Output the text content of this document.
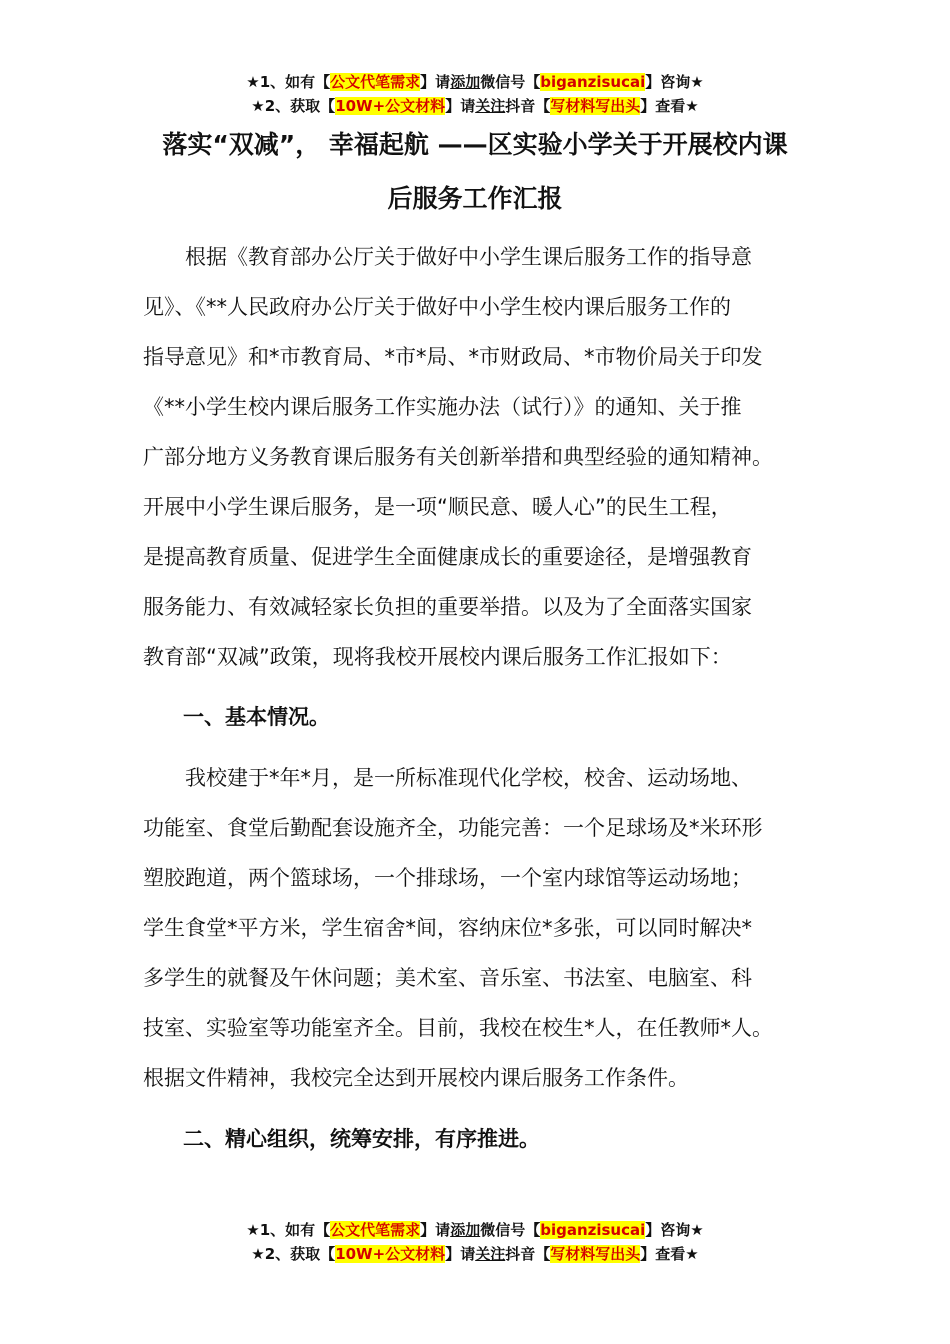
★1、如有【公文代笔需求】请添加微信号【biganzisucai】咨询★
★2、获取【10W+公文材料】请关注抖音【写材料写出头】查看★
落实“双减”， 幸福起航 ——区实验小学关于开展校内课
后服务工作汇报
　　根据《教育部办公厅关于做好中小学生课后服务工作的指导意
见》、《**人民政府办公厅关于做好中小学生校内课后服务工作的
指导意见》和*市教育局、*市*局、*市财政局、*市物价局关于印发
《**小学生校内课后服务工作实施办法（试行）》的通知、关于推
广部分地方义务教育课后服务有关创新举措和典型经验的通知精神。
开展中小学生课后服务，是一项“顺民意、暖人心”的民生工程，
是提高教育质量、促进学生全面健康成长的重要途径，是增强教育
服务能力、有效减轻家长负担的重要举措。以及为了全面落实国家
教育部“双减”政策，现将我校开展校内课后服务工作汇报如下：
一、基本情况。
　　我校建于*年*月，是一所标准现代化学校，校舍、运动场地、
功能室、食堂后勤配套设施齐全，功能完善：一个足球场及*米环形
塑胶跑道，两个篮球场，一个排球场，一个室内球馆等运动场地；
学生食堂*平方米，学生宿舍*间，容纳床位*多张，可以同时解决*
多学生的就餐及午休问题；美术室、音乐室、书法室、电脑室、科
技室、实验室等功能室齐全。目前，我校在校生*人，在任教师*人。
根据文件精神，我校完全达到开展校内课后服务工作条件。
二、精心组织，统筹安排，有序推进。
★1、如有【公文代笔需求】请添加微信号【biganzisucai】咨询★
★2、获取【10W+公文材料】请关注抖音【写材料写出头】查看★
